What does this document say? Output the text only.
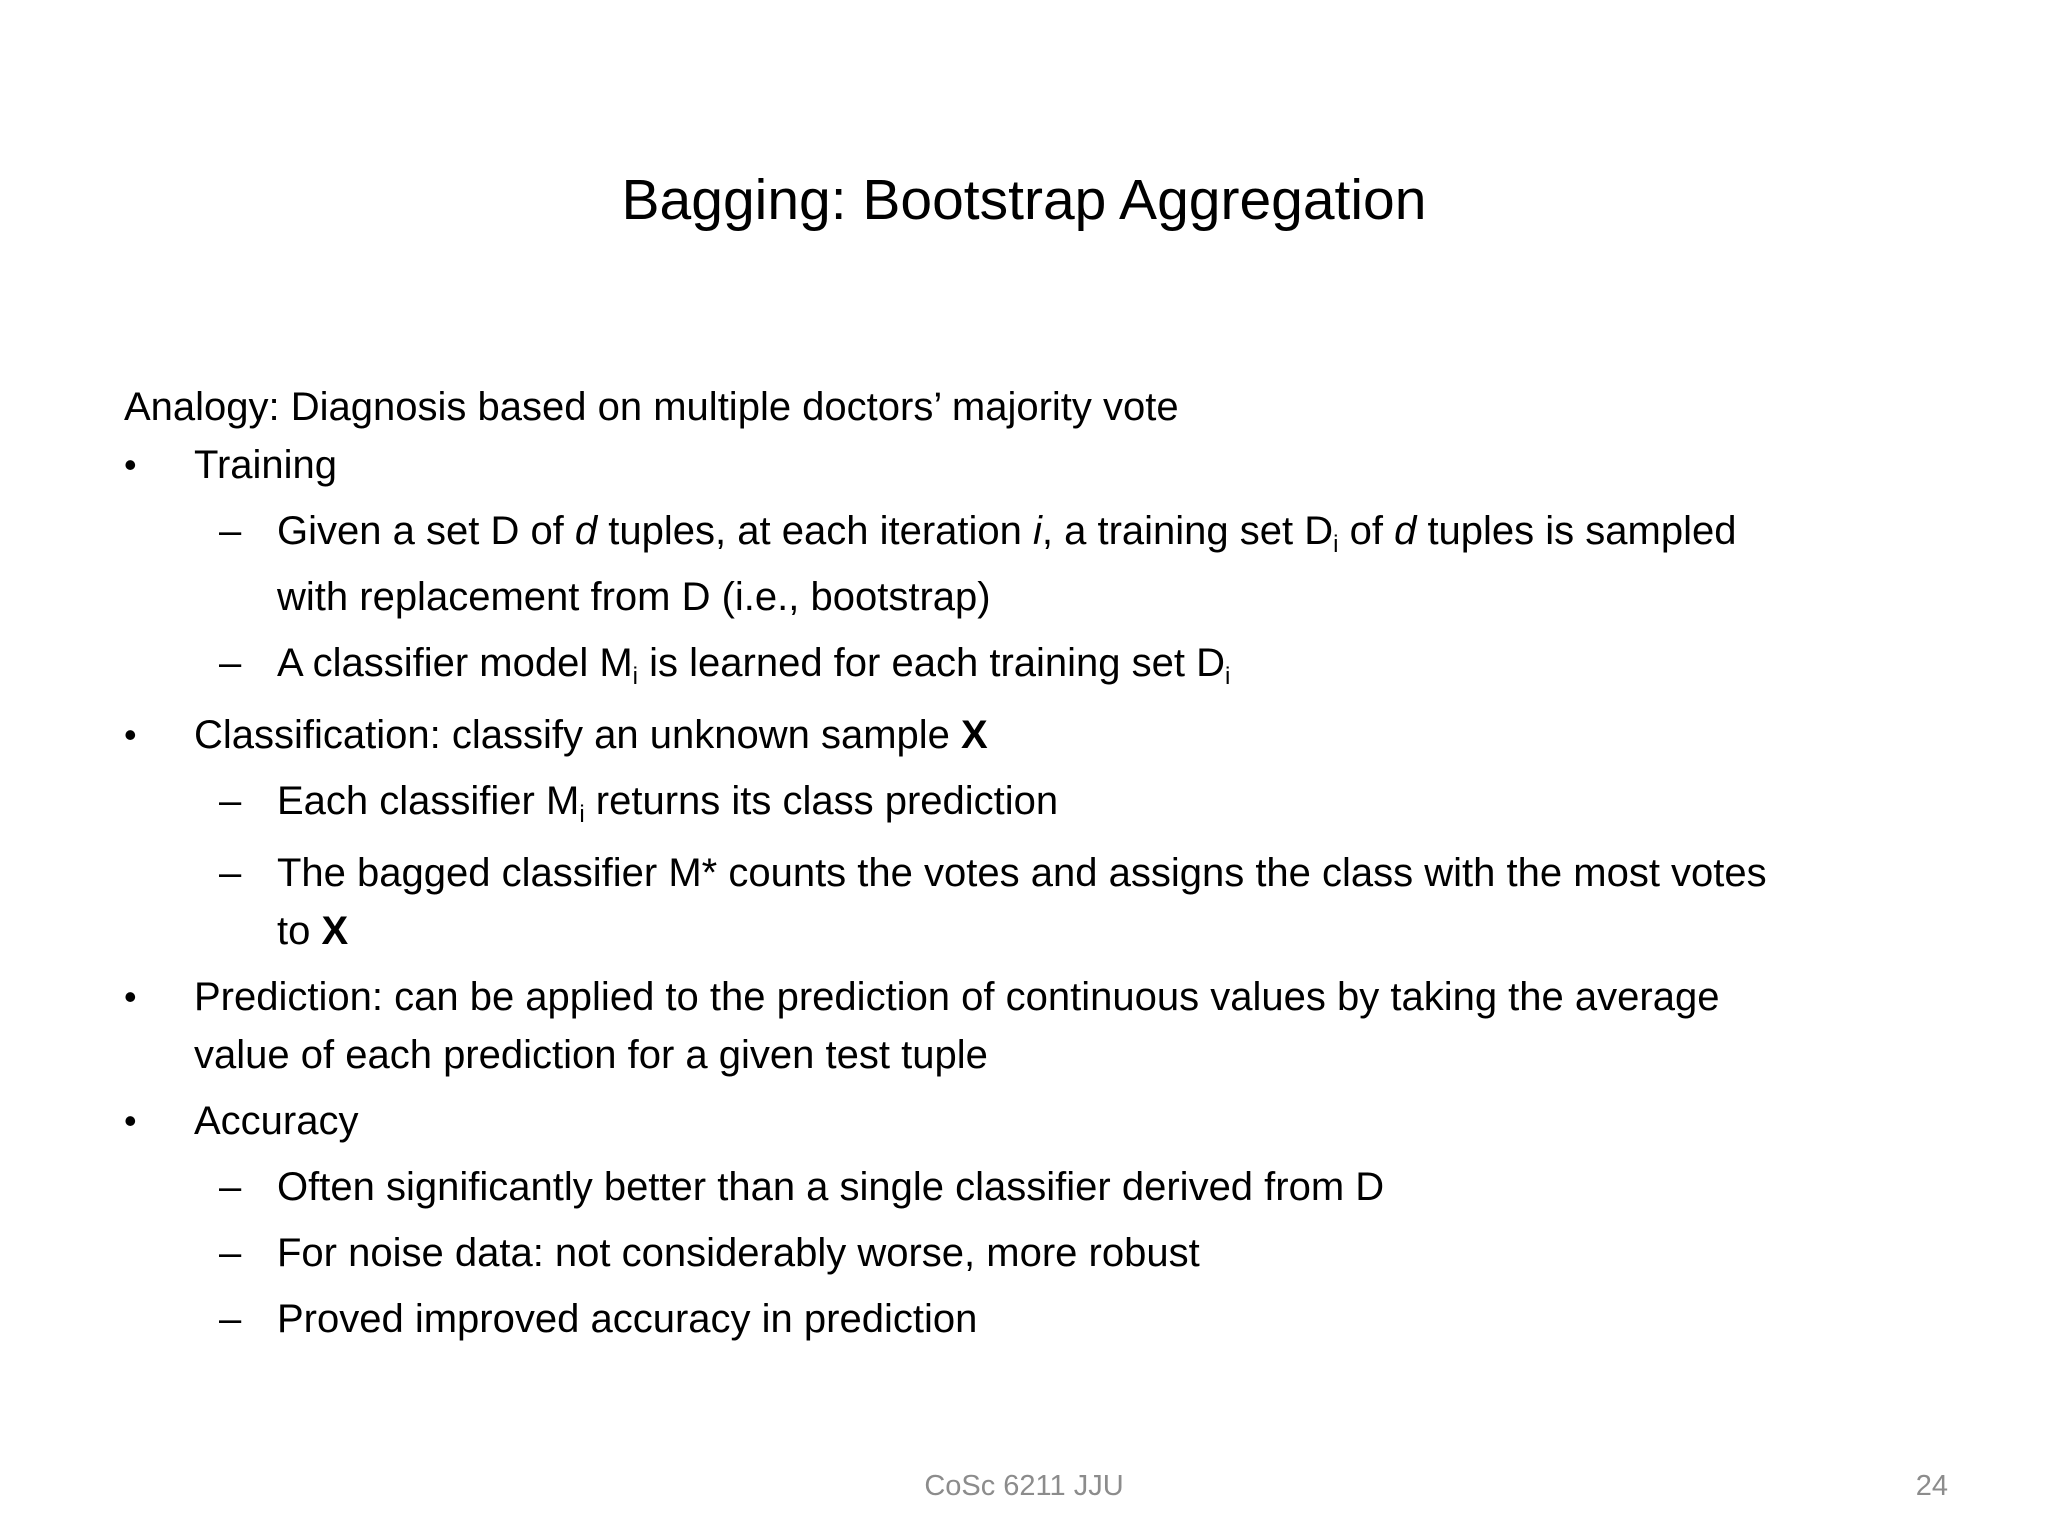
Bagging: Bootstrap Aggregation
Analogy: Diagnosis based on multiple doctors’ majority vote
• Training
– Given a set D of d tuples, at each iteration i, a training set $D_i$ of d tuples is sampled
with replacement from D (i.e., bootstrap)
– A classifier model $M_i$ is learned for each training set $D_i$
• Classification: classify an unknown sample X
– Each classifier $M_i$ returns its class prediction
– The bagged classifier M* counts the votes and assigns the class with the most votes
to X
• Prediction: can be applied to the prediction of continuous values by taking the average
value of each prediction for a given test tuple
• Accuracy
– Often significantly better than a single classifier derived from D
– For noise data: not considerably worse, more robust
– Proved improved accuracy in prediction
CoSc 6211 JJU	24
